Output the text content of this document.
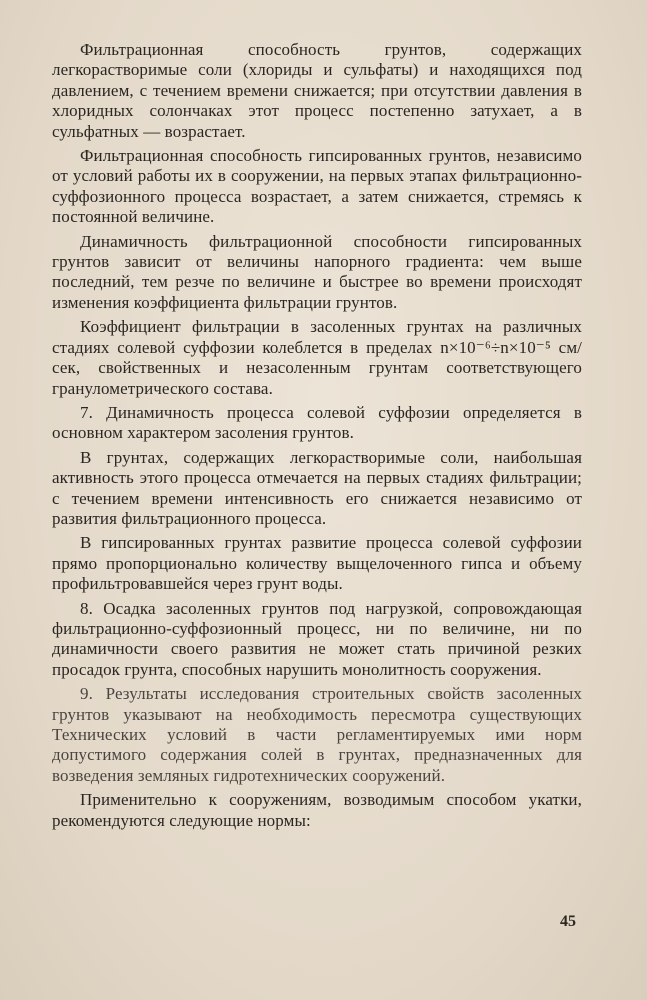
Фильтрационная способность грунтов, содержащих легкорастворимые соли (хлориды и сульфаты) и находящихся под давлением, с течением времени снижается; при отсутствии давления в хлоридных солончаках этот процесс постепенно затухает, а в сульфатных — возрастает.

Фильтрационная способность гипсированных грунтов, независимо от условий работы их в сооружении, на первых этапах фильтрационно-суффозионного процесса возрастает, а затем снижается, стремясь к постоянной величине.

Динамичность фильтрационной способности гипсированных грунтов зависит от величины напорного градиента: чем выше последний, тем резче по величине и быстрее во времени происходят изменения коэффициента фильтрации грунтов.

Коэффициент фильтрации в засоленных грунтах на различных стадиях солевой суффозии колеблется в пределах n×10⁻⁶÷n×10⁻⁵ см/сек, свойственных и незасоленным грунтам соответствующего гранулометрического состава.

7. Динамичность процесса солевой суффозии определяется в основном характером засоления грунтов.

В грунтах, содержащих легкорастворимые соли, наибольшая активность этого процесса отмечается на первых стадиях фильтрации; с течением времени интенсивность его снижается независимо от развития фильтрационного процесса.

В гипсированных грунтах развитие процесса солевой суффозии прямо пропорционально количеству выщелоченного гипса и объему профильтровавшейся через грунт воды.

8. Осадка засоленных грунтов под нагрузкой, сопровождающая фильтрационно-суффозионный процесс, ни по величине, ни по динамичности своего развития не может стать причиной резких просадок грунта, способных нарушить монолитность сооружения.

9. Результаты исследования строительных свойств засоленных грунтов указывают на необходимость пересмотра существующих Технических условий в части регламентируемых ими норм допустимого содержания солей в грунтах, предназначенных для возведения земляных гидротехнических сооружений.

Применительно к сооружениям, возводимым способом укатки, рекомендуются следующие нормы:

45
